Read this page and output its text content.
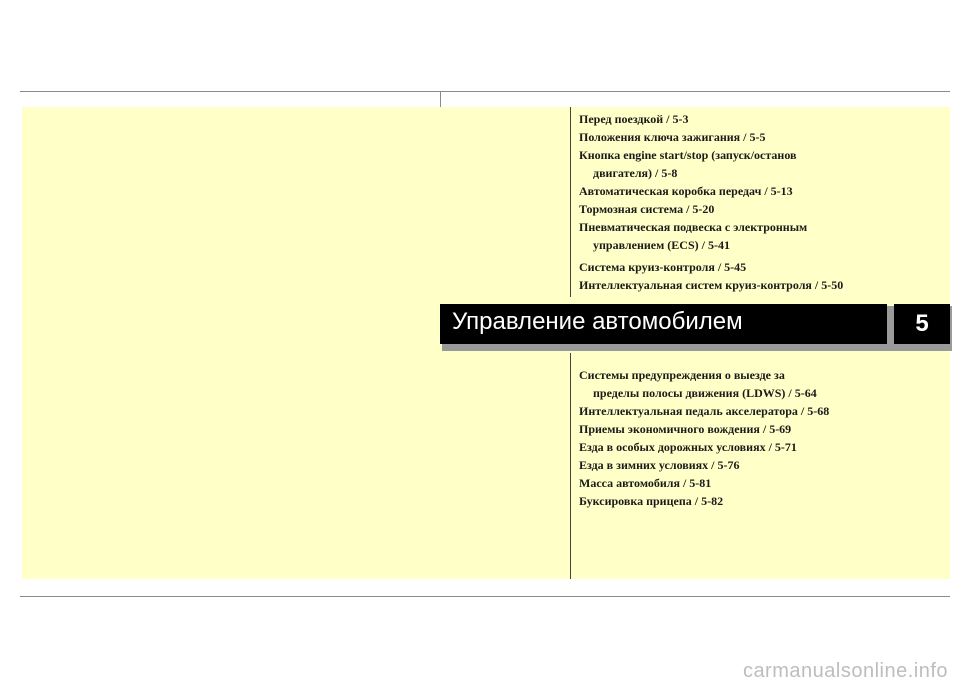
Перед поездкой / 5-3
Положения ключа зажигания / 5-5
Кнопка engine start/stop (запуск/останов
двигателя) / 5-8
Автоматическая коробка передач / 5-13
Тормозная система / 5-20
Пневматическая подвеска с электронным
управлением (ECS) / 5-41
Система круиз-контроля / 5-45
Интеллектуальная систем круиз-контроля / 5-50
Управление автомобилем	5
Системы предупреждения о выезде за
пределы полосы движения (LDWS) / 5-64
Интеллектуальная педаль акселератора / 5-68
Приемы экономичного вождения / 5-69
Езда в особых дорожных условиях / 5-71
Езда в зимних условиях / 5-76
Масса автомобиля / 5-81
Буксировка прицепа / 5-82
carmanualsonline.info
